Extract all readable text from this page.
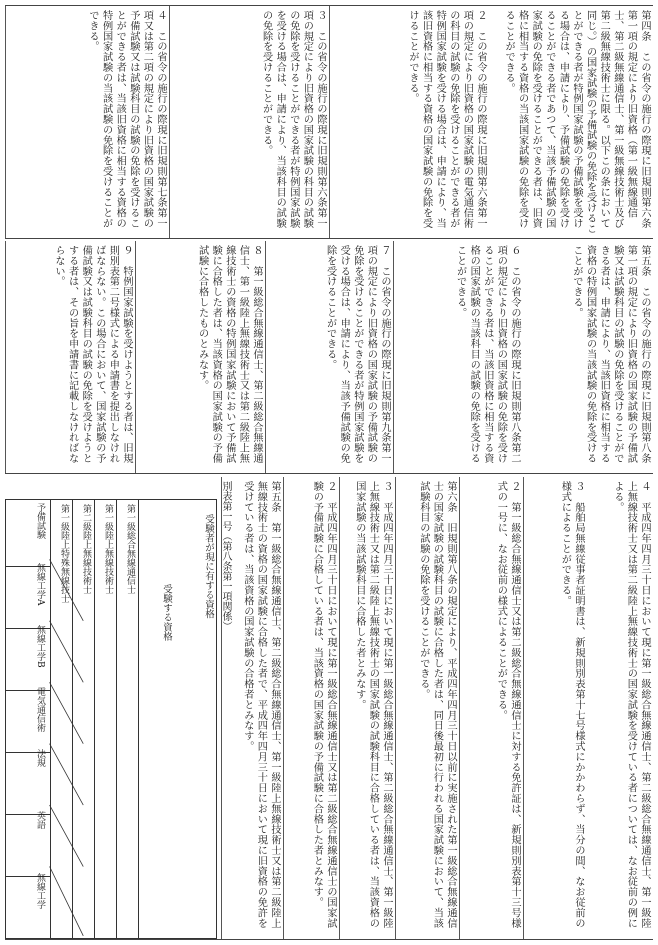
第四条　この省令の施行の際現に旧規則第六条第一項の規定により旧資格（第一級無線通信士、第二級無線通信士、第一級無線技術士及び第二級無線技術士に限る。以下この条において同じ。）の国家試験の予備試験の免除を受けることができる者が特例国家試験の予備試験を受ける場合は、申請により、予備試験の免除を受けることができる者であつて、当該予備試験の国家試験の免除を受けることができる者は、旧資格に相当する資格の当該国家試験の免除を受けることができる。
２　この省令の施行の際現に旧規則第六条第一項の規定により旧資格の国家試験の電気通信術の科目の試験の免除を受けることができる者が特例国家試験を受ける場合は、申請により、当該旧資格に相当する資格の国家試験の免除を受けることができる。
３　この省令の施行の際現に旧規則第六条第一項の規定により旧資格の国家試験の科目の試験の免除を受けることができる者が特例国家試験を受ける場合は、申請により、当該科目の試験の免除を受けることができる。
４　この省令の施行の際現に旧規則第七条第一項又は第二項の規定により旧資格の国家試験の予備試験又は試験科目の試験の免除を受けることができる者は、当該旧資格に相当する資格の特例国家試験の当該試験の免除を受けることができる。
第五条　この省令の施行の際現に旧規則第八条第一項の規定により旧資格の国家試験の予備試験又は試験科目の試験の免除を受けることができる者は、申請により、当該旧資格に相当する資格の特例国家試験の当該試験の免除を受けることができる。
６　この省令の施行の際現に旧規則第八条第二項の規定により旧資格の国家試験の免除を受けることができる者は、当該旧資格に相当する資格の国家試験の当該科目の試験の免除を受けることができる。
７　この省令の施行の際現に旧規則第九条第一項の規定により旧資格の国家試験の予備試験の免除を受けることができる者が特例国家試験を受ける場合は、申請により、当該予備試験の免除を受けることができる。
８　第一級総合無線通信士、第二級総合無線通信士、第一級陸上無線技術士又は第二級陸上無線技術士の資格の特例国家試験において予備試験に合格した者は、当該資格の国家試験の予備試験に合格したものとみなす。
９　特例国家試験を受けようとする者は、旧規則別表第二号様式による申請書を提出しなければならない。この場合において、国家試験の予備試験又は試験科目の試験の免除を受けようとする者は、その旨を申請書に記載しなければならない。
４　平成四年四月三十日において現に第一級総合無線通信士、第二級総合無線通信士、第一級陸上無線技術士又は第二級陸上無線技術士の国家試験を受けている者については、なお従前の例による。
３　船舶局無線従事者証明書は、新規則別表第十七号様式にかかわらず、当分の間、なお従前の様式によることができる。
２　第一級総合無線通信士又は第二級総合無線通信士に対する免許証は、新規則別表第十三号様式の一号に、なお従前の様式によることができる。
第六条　旧規則第八条の規定により、平成四年四月三十日以前に実施された第一級総合無線通信士の国家試験の試験科目の試験に合格した者は、同日後最初に行われる国家試験において、当該試験科目の試験の免除を受けることができる。
３　平成四年四月三十日において現に第一級総合無線通信士、第二級総合無線通信士、第一級陸上無線技術士又は第二級陸上無線技術士の国家試験の試験科目に合格している者は、当該資格の国家試験の当該試験科目に合格した者とみなす。
２　平成四年四月三十日において現に第一級総合無線通信士又は第二級総合無線通信士の国家試験の予備試験に合格している者は、当該資格の国家試験の予備試験に合格した者とみなす。
第五条　第一級総合無線通信士、第二級総合無線通信士、第一級陸上無線技術士又は第二級陸上無線技術士の資格の国家試験に合格した者で、平成四年四月三十日において現に旧資格の免許を受けている者は、当該資格の国家試験の合格者とみなす。
別表第一号（第八条第一項関係）
受験者が現に有する資格
受験する資格
第一級総合無線通信士
第一級陸上無線技術士
第二級陸上無線技術士
第一級陸上特殊無線技士
予備試験
無線工学A
無線工学B
電気通信術
法規
英語
無線工学
